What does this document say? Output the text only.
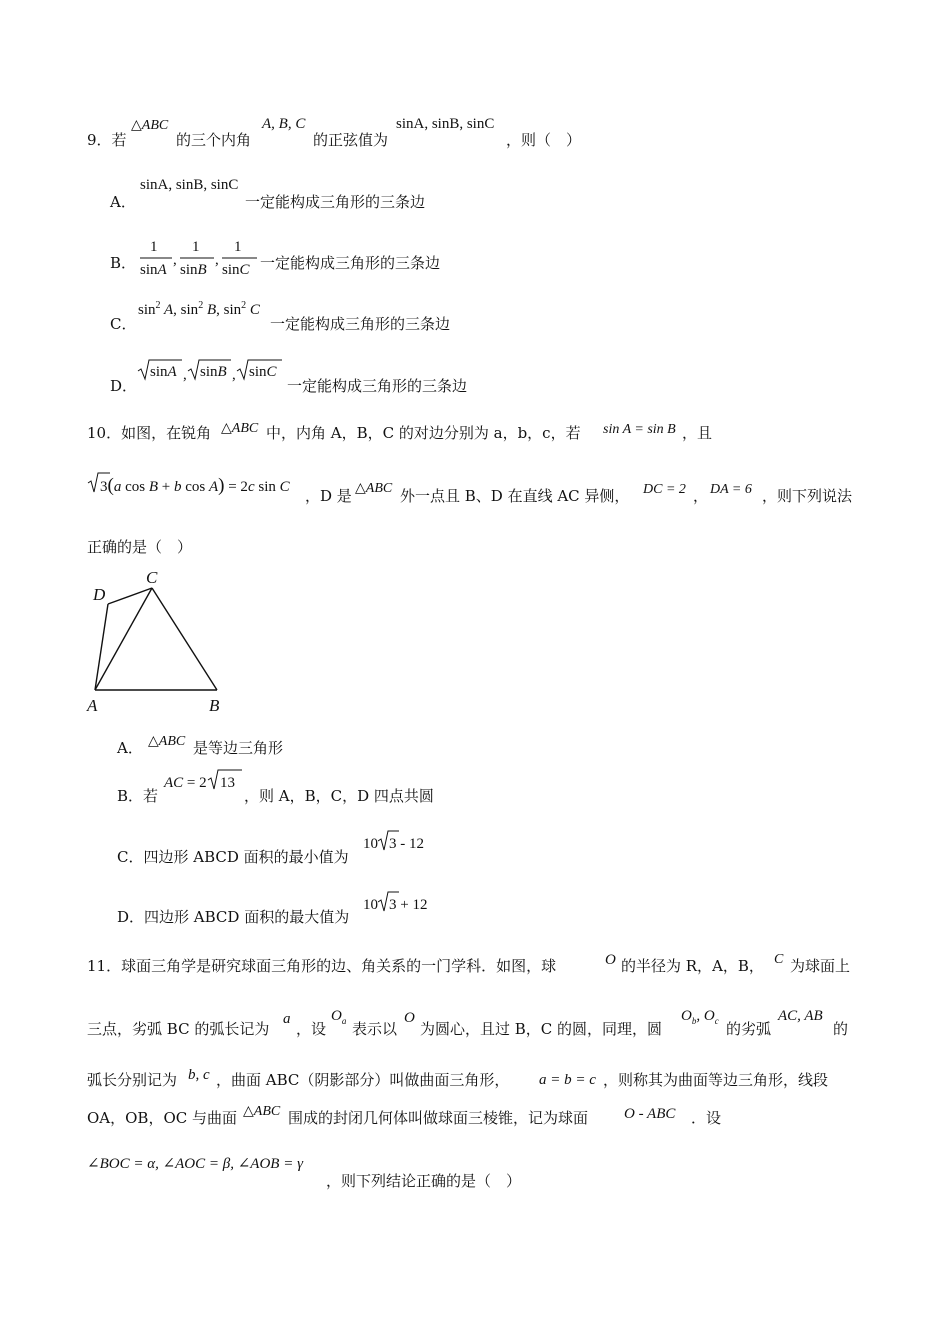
9．若
△ABC
的三个内角
A, B, C
的正弦值为
sinA, sinB, sinC
，则（　）
A．
sinA, sinB, sinC
一定能构成三角形的三条边
B．
1
sinA
,
1
sinB
,
1
sinC 一定能构成三角形的三条边
C．
$\sin^2 A$, $\sin^2 B$, $\sin^2 C$
一定能构成三角形的三条边
D．
sinA , sinB , sinC
一定能构成三角形的三条边
10．如图，在锐角 △ABC 中，内角 A，B，C 的对边分别为 a，b，c，若 sin A = sin B ，且
3(a cos B + b cos A) = 2c sin C ，D 是 △ABC 外一点且 B、D 在直线 AC 异侧， DC = 2 ， DA = 6 ，则下列说法
正确的是（　）
D
C
A	B
A． △ABC 是等边三角形
B．若
AC = 2 13
，则 A，B，C，D 四点共圆
C．四边形 ABCD 面积的最小值为
10 3 - 12
D．四边形 ABCD 面积的最大值为
10 3 + 12
11．球面三角学是研究球面三角形的边、角关系的一门学科．如图，球	O 的半径为 R，A，B， C 为球面上
三点，劣弧 BC 的弧长记为
a
，设
$O_a$ 表示以
O
为圆心，且过 B，C 的圆，同理，圆
$O_b$, $O_c$ 的劣弧
AC, AB
的
弧长分别记为 b, c ，曲面 ABC（阴影部分）叫做曲面三角形， a = b = c ，则称其为曲面等边三角形，线段
OA，OB，OC 与曲面 △ABC 围成的封闭几何体叫做球面三棱锥，记为球面 O - ABC ．设
∠BOC = α, ∠AOC = β, ∠AOB = γ
，则下列结论正确的是（　）
